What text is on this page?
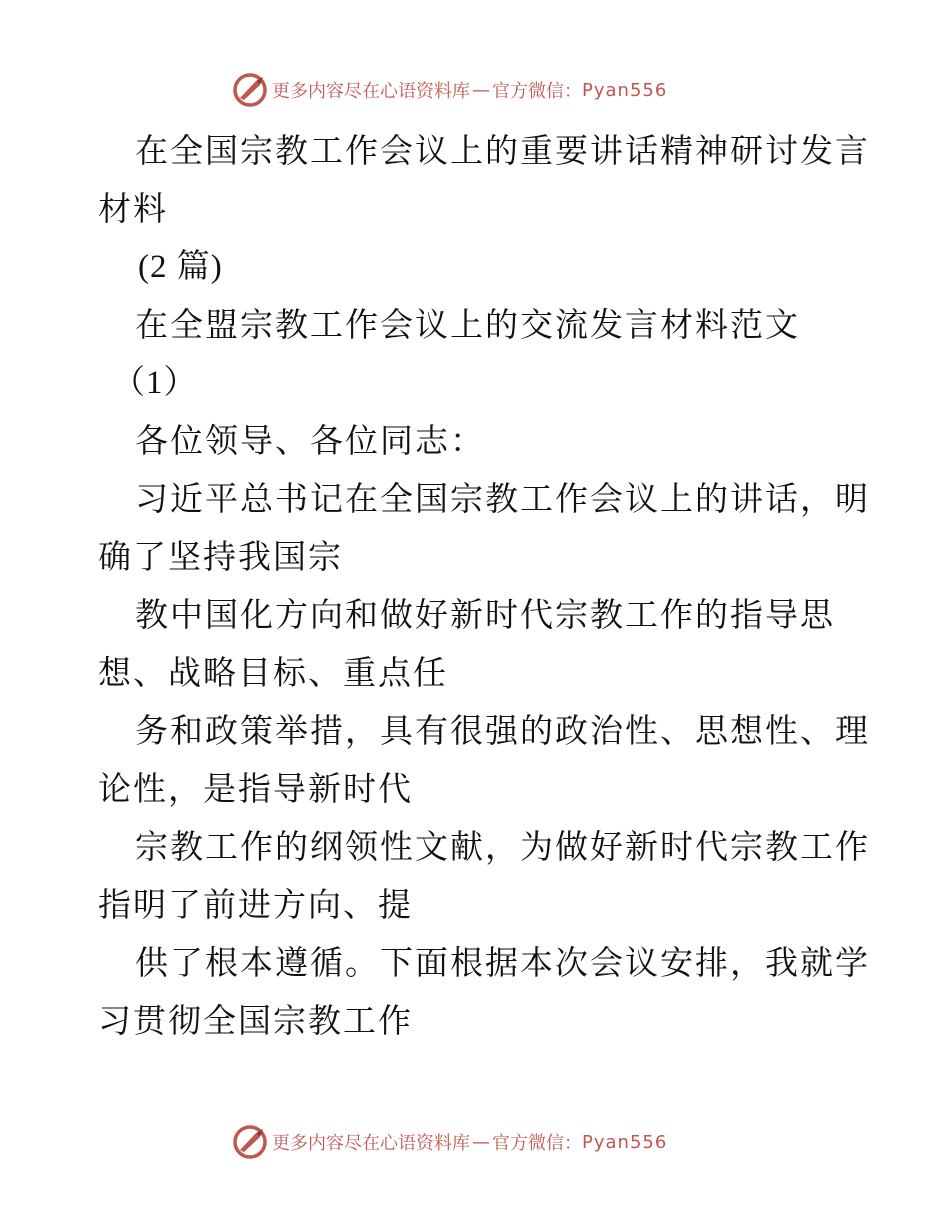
更多内容尽在心语资料库 — 官方微信： Pyan556
在全国宗教工作会议上的重要讲话精神研讨发言
材料
(2 篇)
在全盟宗教工作会议上的交流发言材料范文
（1）
各位领导、各位同志：
习近平总书记在全国宗教工作会议上的讲话，明
确了坚持我国宗
教中国化方向和做好新时代宗教工作的指导思
想、战略目标、重点任
务和政策举措，具有很强的政治性、思想性、理
论性，是指导新时代
宗教工作的纲领性文献，为做好新时代宗教工作
指明了前进方向、提
供了根本遵循。下面根据本次会议安排，我就学
习贯彻全国宗教工作
更多内容尽在心语资料库 — 官方微信： Pyan556
